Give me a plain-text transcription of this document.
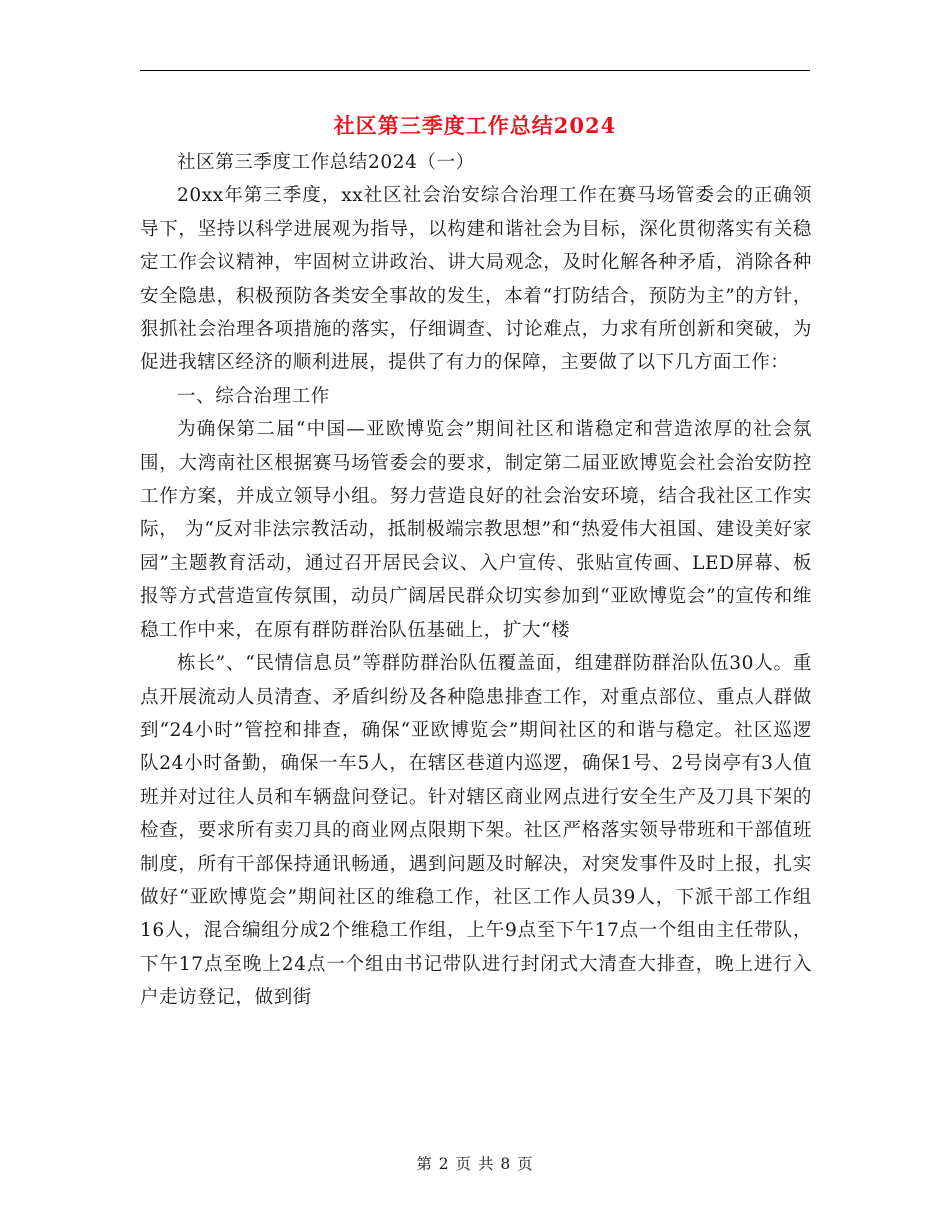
社区第三季度工作总结2024

社区第三季度工作总结2024（一）

20xx年第三季度，xx社区社会治安综合治理工作在赛马场管委会的正确领导下，坚持以科学进展观为指导，以构建和谐社会为目标，深化贯彻落实有关稳定工作会议精神，牢固树立讲政治、讲大局观念，及时化解各种矛盾，消除各种安全隐患，积极预防各类安全事故的发生，本着“打防结合，预防为主”的方针，狠抓社会治理各项措施的落实，仔细调查、讨论难点，力求有所创新和突破，为促进我辖区经济的顺利进展，提供了有力的保障，主要做了以下几方面工作：

一、综合治理工作

为确保第二届“中国—亚欧博览会”期间社区和谐稳定和营造浓厚的社会氛围，大湾南社区根据赛马场管委会的要求，制定第二届亚欧博览会社会治安防控工作方案，并成立领导小组。努力营造良好的社会治安环境，结合我社区工作实际， 为“反对非法宗教活动，抵制极端宗教思想”和“热爱伟大祖国、建设美好家园”主题教育活动，通过召开居民会议、入户宣传、张贴宣传画、LED屏幕、板报等方式营造宣传氛围，动员广阔居民群众切实参加到“亚欧博览会”的宣传和维稳工作中来，在原有群防群治队伍基础上，扩大“楼

栋长”、“民情信息员”等群防群治队伍覆盖面，组建群防群治队伍30人。重点开展流动人员清查、矛盾纠纷及各种隐患排查工作，对重点部位、重点人群做到“24小时”管控和排查，确保“亚欧博览会”期间社区的和谐与稳定。社区巡逻队24小时备勤，确保一车5人，在辖区巷道内巡逻，确保1号、2号岗亭有3人值班并对过往人员和车辆盘问登记。针对辖区商业网点进行安全生产及刀具下架的检查，要求所有卖刀具的商业网点限期下架。社区严格落实领导带班和干部值班制度，所有干部保持通讯畅通，遇到问题及时解决，对突发事件及时上报，扎实做好“亚欧博览会”期间社区的维稳工作，社区工作人员39人，下派干部工作组16人，混合编组分成2个维稳工作组，上午9点至下午17点一个组由主任带队，下午17点至晚上24点一个组由书记带队进行封闭式大清查大排查，晚上进行入户走访登记，做到街

第 2 页 共 8 页
